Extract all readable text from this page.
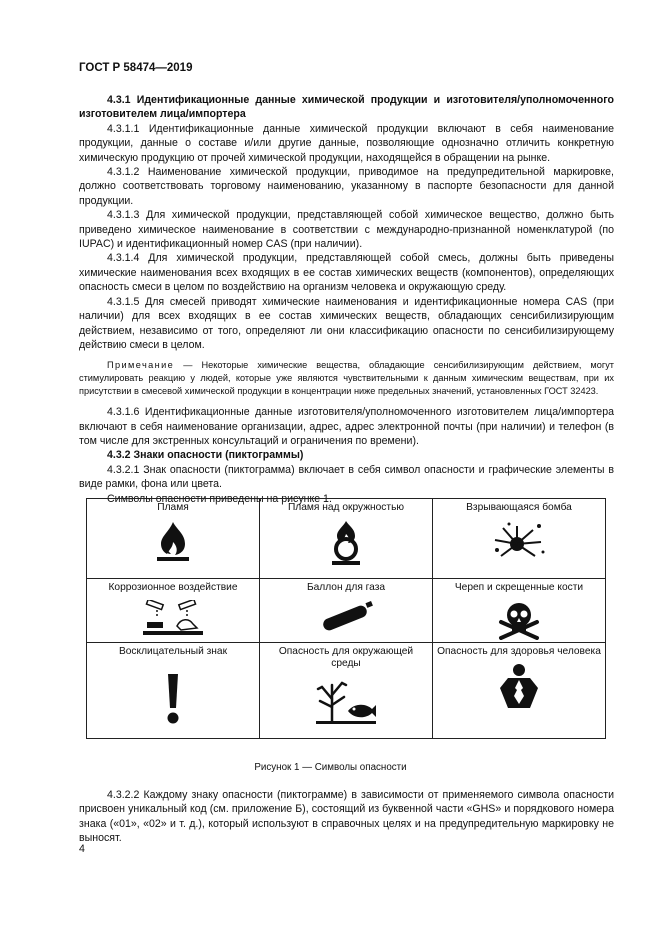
ГОСТ Р 58474—2019

4.3.1 Идентификационные данные химической продукции и изготовителя/уполномоченного изготовителем лица/импортера

4.3.1.1 Идентификационные данные химической продукции включают в себя наименование продукции, данные о составе и/или другие данные, позволяющие однозначно отличить конкретную химическую продукцию от прочей химической продукции, находящейся в обращении на рынке.

4.3.1.2 Наименование химической продукции, приводимое на предупредительной маркировке, должно соответствовать торговому наименованию, указанному в паспорте безопасности для данной продукции.

4.3.1.3 Для химической продукции, представляющей собой химическое вещество, должно быть приведено химическое наименование в соответствии с международно-признанной номенклатурой (по IUPAC) и идентификационный номер CAS (при наличии).

4.3.1.4 Для химической продукции, представляющей собой смесь, должны быть приведены химические наименования всех входящих в ее состав химических веществ (компонентов), определяющих опасность смеси в целом по воздействию на организм человека и окружающую среду.

4.3.1.5 Для смесей приводят химические наименования и идентификационные номера CAS (при наличии) для всех входящих в ее состав химических веществ, обладающих сенсибилизирующим действием, независимо от того, определяют ли они классификацию опасности по сенсибилизирующему действию смеси в целом.

Примечание — Некоторые химические вещества, обладающие сенсибилизирующим действием, могут стимулировать реакцию у людей, которые уже являются чувствительными к данным химическим веществам, при их присутствии в смесевой химической продукции в концентрации ниже предельных значений, установленных ГОСТ 32423.

4.3.1.6 Идентификационные данные изготовителя/уполномоченного изготовителем лица/импортера включают в себя наименование организации, адрес, адрес электронной почты (при наличии) и телефон (в том числе для экстренных консультаций и ограничения по времени).

4.3.2 Знаки опасности (пиктограммы)

4.3.2.1 Знак опасности (пиктограмма) включает в себя символ опасности и графические элементы в виде рамки, фона или цвета.

Символы опасности приведены на рисунке 1.

Пламя	Пламя над окружностью	Взрывающаяся бомба

Коррозионное воздействие	Баллон для газа	Череп и скрещенные кости

Восклицательный знак	Опасность для окружающей среды	Опасность для здоровья человека
Рисунок 1 — Символы опасности

4.3.2.2 Каждому знаку опасности (пиктограмме) в зависимости от применяемого символа опасности присвоен уникальный код (см. приложение Б), состоящий из буквенной части «GHS» и порядкового номера знака («01», «02» и т. д.), который используют в справочных целях и на предупредительную маркировку не выносят.

4
